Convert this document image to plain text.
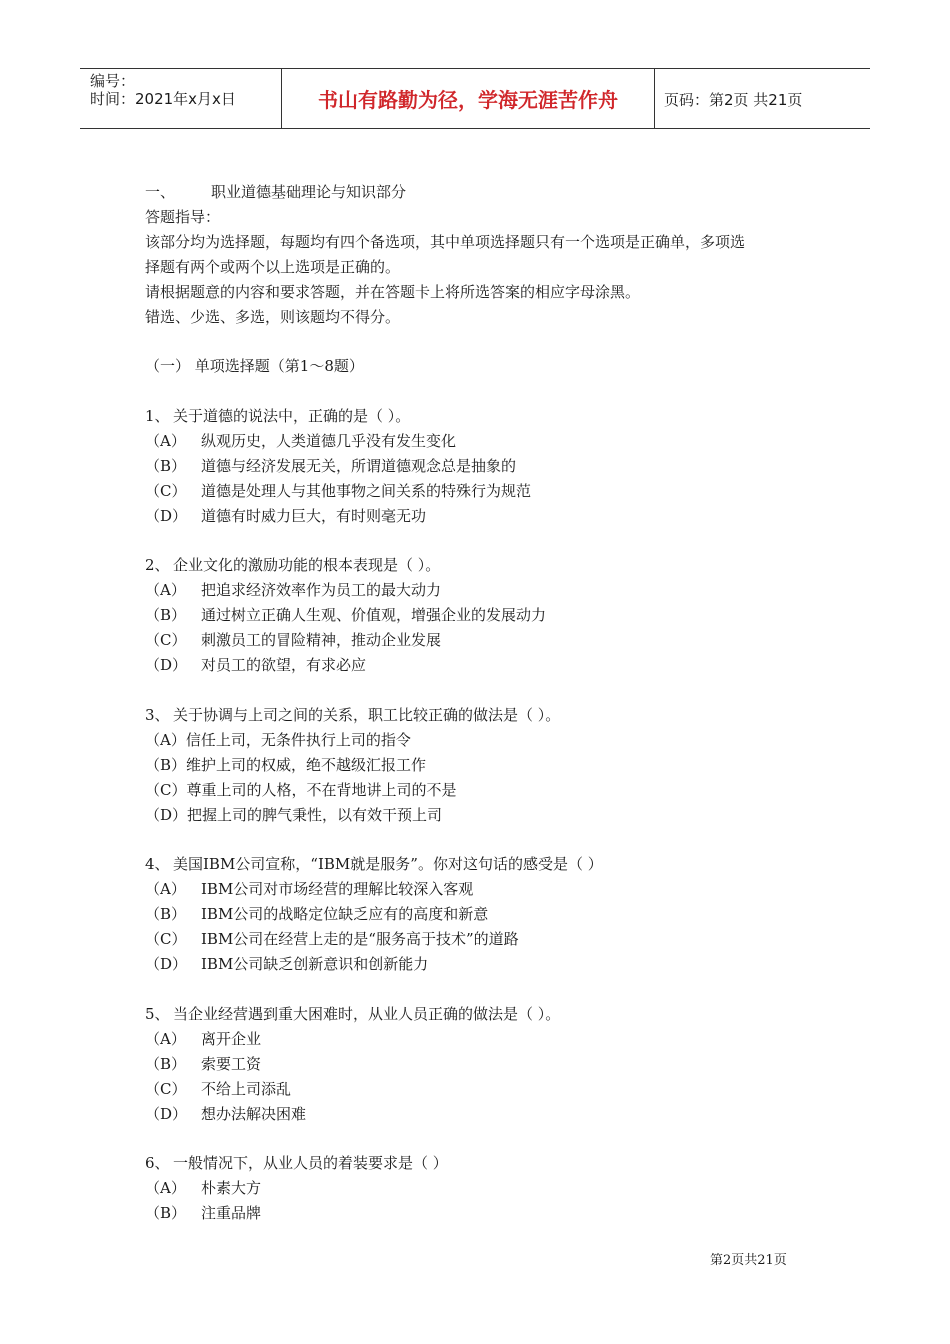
编号：
时间：2021年x月x日	书山有路勤为径，学海无涯苦作舟	页码：第2页 共21页
一、 职业道德基础理论与知识部分
答题指导：
该部分均为选择题，每题均有四个备选项，其中单项选择题只有一个选项是正确单，多项选
择题有两个或两个以上选项是正确的。
请根据题意的内容和要求答题，并在答题卡上将所选答案的相应字母涂黑。
错选、少选、多选，则该题均不得分。
（一） 单项选择题（第1～8题）
1、 关于道德的说法中，正确的是（ ）。
（A） 纵观历史，人类道德几乎没有发生变化
（B） 道德与经济发展无关，所谓道德观念总是抽象的
（C） 道德是处理人与其他事物之间关系的特殊行为规范
（D） 道德有时威力巨大，有时则毫无功
2、 企业文化的激励功能的根本表现是（ ）。
（A） 把追求经济效率作为员工的最大动力
（B） 通过树立正确人生观、价值观，增强企业的发展动力
（C） 刺激员工的冒险精神，推动企业发展
（D） 对员工的欲望，有求必应
3、 关于协调与上司之间的关系，职工比较正确的做法是（ ）。
（A）信任上司，无条件执行上司的指令
（B）维护上司的权威，绝不越级汇报工作
（C）尊重上司的人格，不在背地讲上司的不是
（D）把握上司的脾气秉性，以有效干预上司
4、 美国IBM公司宣称，“IBM就是服务”。你对这句话的感受是（ ）
（A） IBM公司对市场经营的理解比较深入客观
（B） IBM公司的战略定位缺乏应有的高度和新意
（C） IBM公司在经营上走的是“服务高于技术”的道路
（D） IBM公司缺乏创新意识和创新能力
5、 当企业经营遇到重大困难时，从业人员正确的做法是（ ）。
（A） 离开企业
（B） 索要工资
（C） 不给上司添乱
（D） 想办法解决困难
6、 一般情况下，从业人员的着装要求是（ ）
（A） 朴素大方
（B） 注重品牌
第2页共21页
